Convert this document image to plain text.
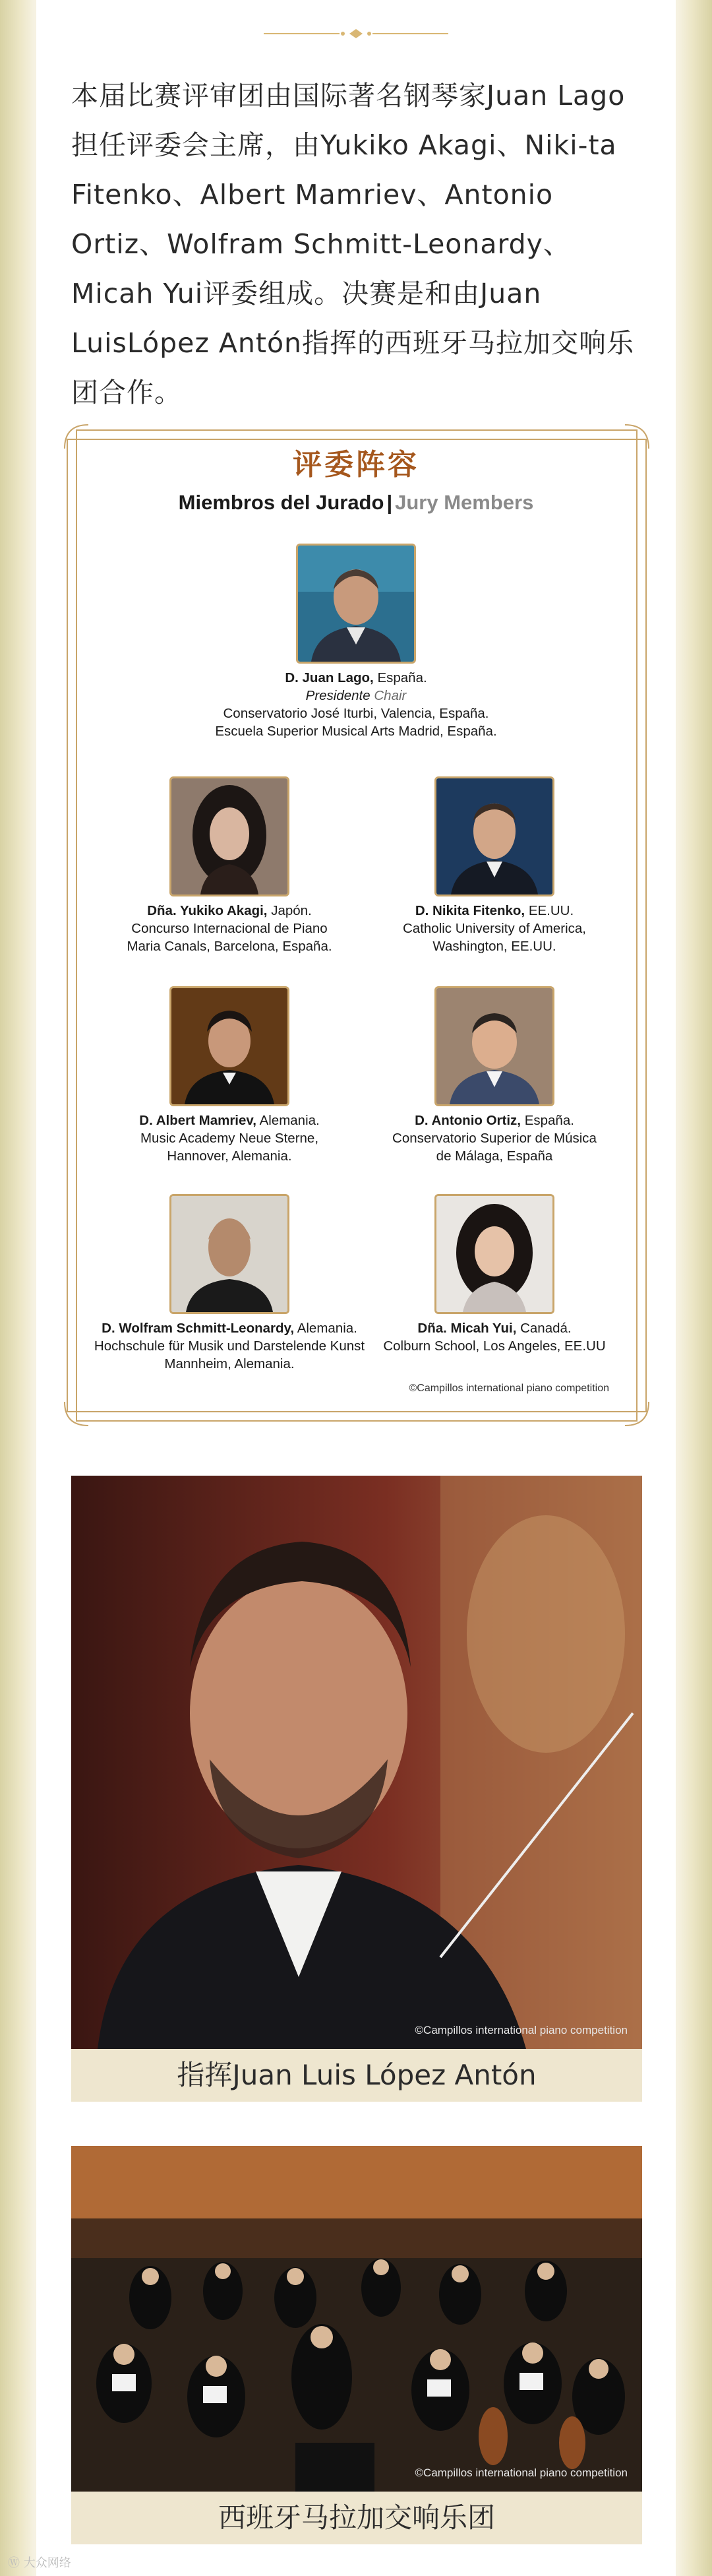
本届比赛评审团由国际著名钢琴家Juan Lago担任评委会主席，由Yukiko Akagi、Niki-ta Fitenko、Albert Mamriev、Antonio Ortiz、Wolfram Schmitt-Leonardy、Micah Yui评委组成。决赛是和由Juan LuisLópez Antón指挥的西班牙马拉加交响乐团合作。

评委阵容
Miembros del Jurado | Jury Members
D. Juan Lago, España.
Presidente Chair
Conservatorio José Iturbi, Valencia, España.
Escuela Superior Musical Arts Madrid, España.
Dña. Yukiko Akagi, Japón.
Concurso Internacional de Piano
Maria Canals, Barcelona, España.
D. Nikita Fitenko, EE.UU.
Catholic University of America,
Washington, EE.UU.
D. Albert Mamriev, Alemania.
Music Academy Neue Sterne,
Hannover, Alemania.
D. Antonio Ortiz, España.
Conservatorio Superior de Música
de Málaga, España
D. Wolfram Schmitt-Leonardy, Alemania.
Hochschule für Musik und Darstelende Kunst
Mannheim, Alemania.
Dña. Micah Yui, Canadá.
Colburn School, Los Angeles, EE.UU
©Campillos international piano competition
©Campillos international piano competition
指挥Juan Luis López Antón
©Campillos international piano competition
西班牙马拉加交响乐团
Ⓦ 大众网络
